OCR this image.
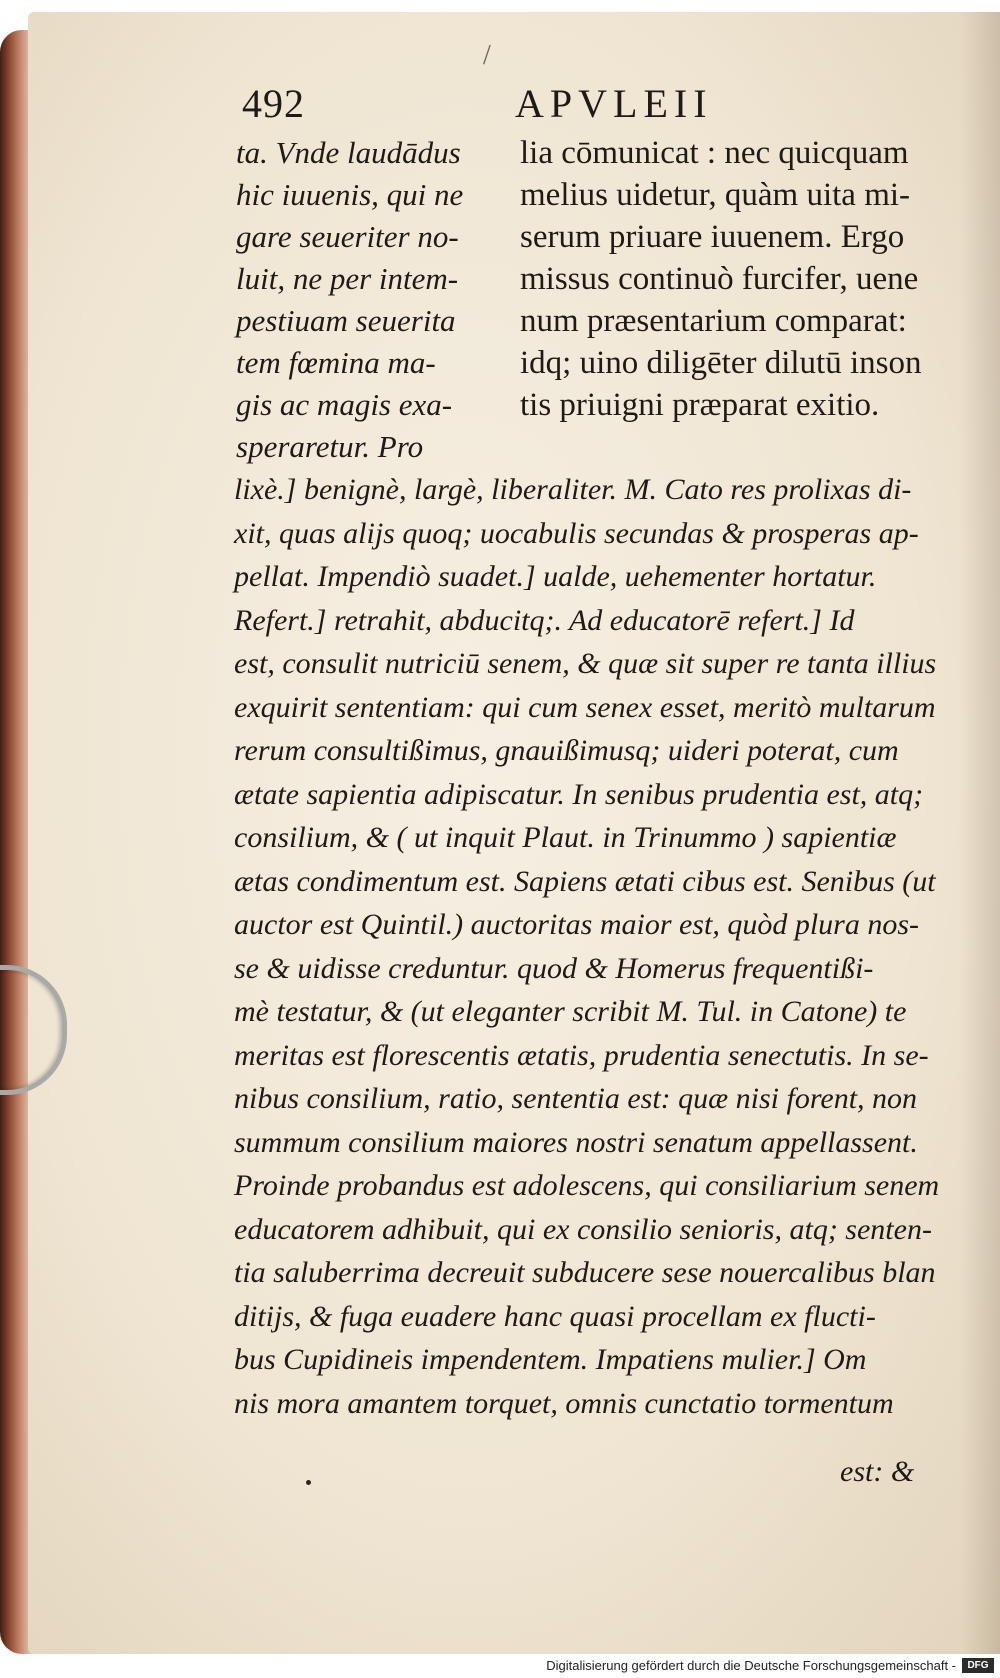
/
492	APVLEII
ta. Vnde laudādus
hic iuuenis, qui ne
gare seueriter no-
luit, ne per intem-
pestiuam seuerita
tem fœmina ma-
gis ac magis exa-
speraretur. Pro
lia cōmunicat : nec quicquam
melius uidetur, quàm uita mi-
serum priuare iuuenem. Ergo
missus continuò furcifer, uene
num præsentarium comparat:
idq; uino diligēter dilutū inson
tis priuigni præparat exitio.
lixè.] benignè, largè, liberaliter. M. Cato res prolixas di-
xit, quas alijs quoq; uocabulis secundas & prosperas ap-
pellat. Impendiò suadet.] ualde, uehementer hortatur.
Refert.] retrahit, abducitq;. Ad educatorē refert.] Id
est, consulit nutriciū senem, & quæ sit super re tanta illius
exquirit sententiam: qui cum senex esset, meritò multarum
rerum consultißimus, gnauißimusq; uideri poterat, cum
ætate sapientia adipiscatur. In senibus prudentia est, atq;
consilium, & ( ut inquit Plaut. in Trinummo ) sapientiæ
ætas condimentum est. Sapiens ætati cibus est. Senibus (ut
auctor est Quintil.) auctoritas maior est, quòd plura nos-
se & uidisse creduntur. quod & Homerus frequentißi-
mè testatur, & (ut eleganter scribit M. Tul. in Catone) te
meritas est florescentis ætatis, prudentia senectutis. In se-
nibus consilium, ratio, sententia est: quæ nisi forent, non
summum consilium maiores nostri senatum appellassent.
Proinde probandus est adolescens, qui consiliarium senem
educatorem adhibuit, qui ex consilio senioris, atq; senten-
tia saluberrima decreuit subducere sese nouercalibus blan
ditijs, & fuga euadere hanc quasi procellam ex flucti-
bus Cupidineis impendentem. Impatiens mulier.] Om
nis mora amantem torquet, omnis cunctatio tormentum
est: &
Digitalisierung gefördert durch die Deutsche Forschungsgemeinschaft -	DFG
